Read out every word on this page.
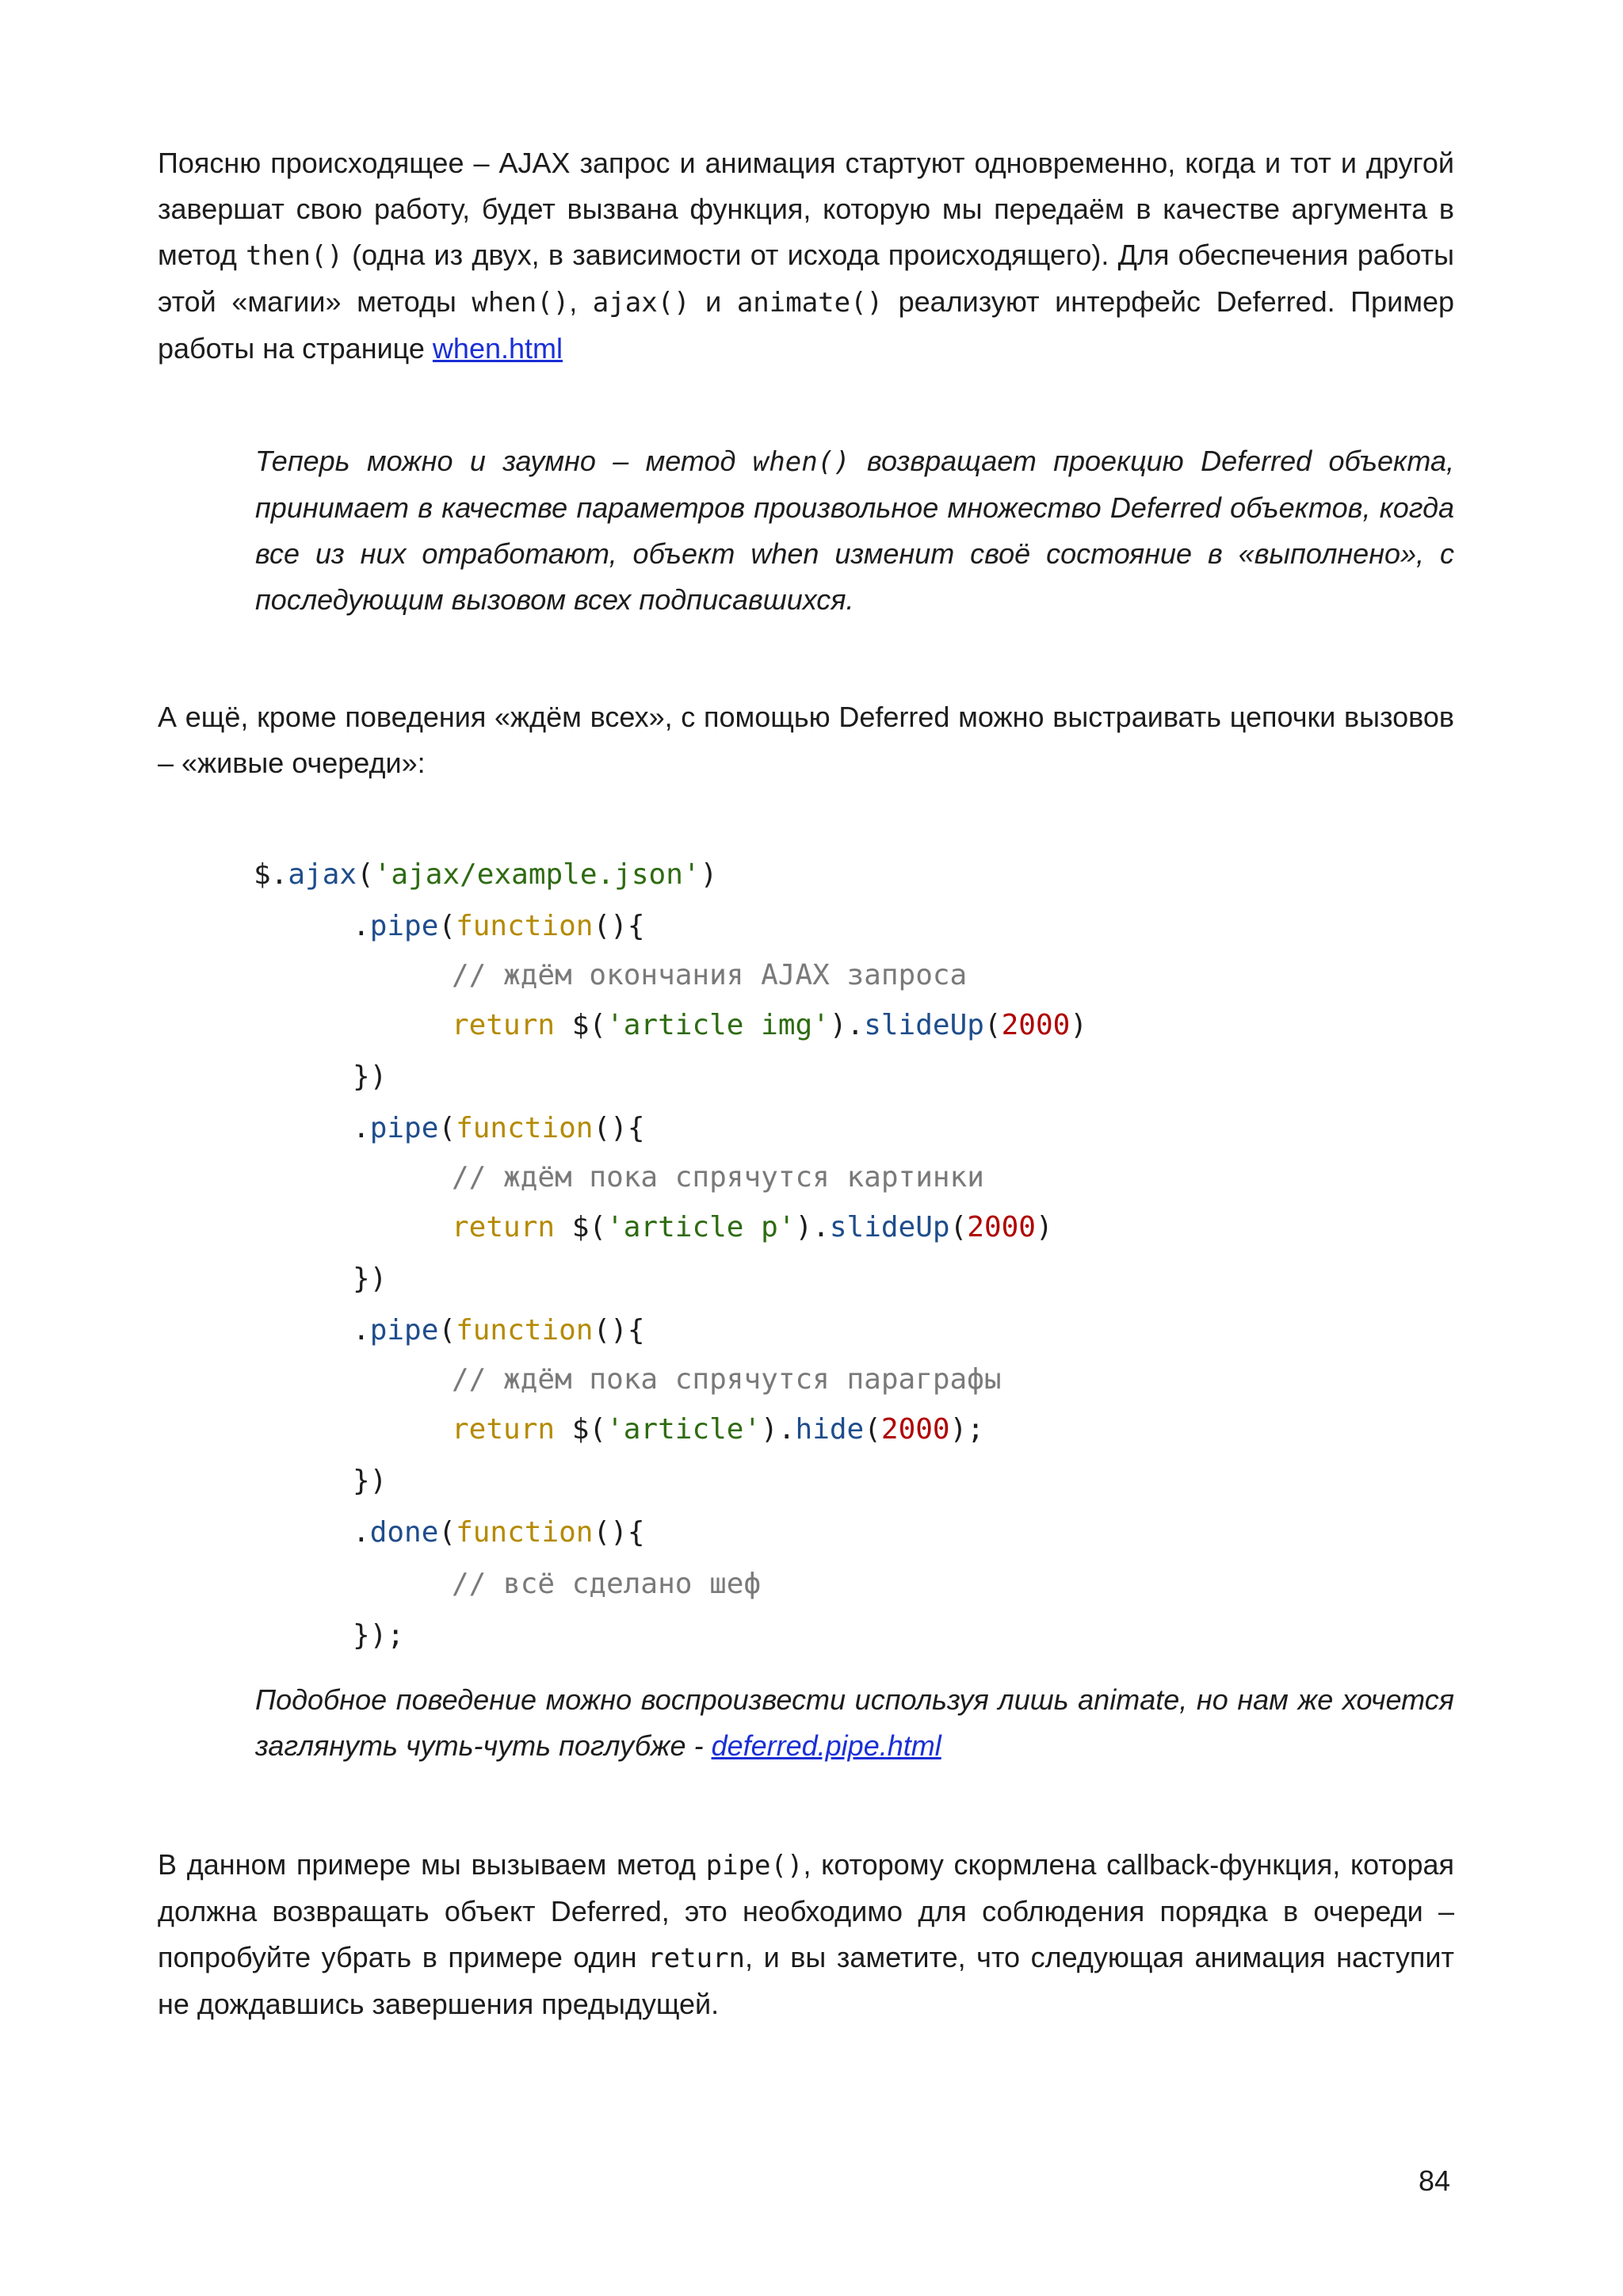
Поясню происходящее – AJAX запрос и анимация стартуют одновременно, когда и тот и другой завершат свою работу, будет вызвана функция, которую мы передаём в качестве аргумента в метод then() (одна из двух, в зависимости от исхода происходящего). Для обеспечения работы этой «магии» методы when(), ajax() и animate() реализуют интерфейс Deferred. Пример работы на странице when.html

Теперь можно и заумно – метод when() возвращает проекцию Deferred объекта, принимает в качестве параметров произвольное множество Deferred объектов, когда все из них отработают, объект when изменит своё состояние в «выполнено», с последующим вызовом всех подписавшихся.

А ещё, кроме поведения «ждём всех», с помощью Deferred можно выстраивать цепочки вызовов – «живые очереди»:

$.ajax('ajax/example.json')
.pipe(function(){
// ждём окончания AJAX запроса
return $('article img').slideUp(2000)
})
.pipe(function(){
// ждём пока спрячутся картинки
return $('article p').slideUp(2000)
})
.pipe(function(){
// ждём пока спрячутся параграфы
return $('article').hide(2000);
})
.done(function(){
// всё сделано шеф
});

Подобное поведение можно воспроизвести используя лишь animate, но нам же хочется заглянуть чуть-чуть поглубже - deferred.pipe.html

В данном примере мы вызываем метод pipe(), которому скормлена callback-функция, которая должна возвращать объект Deferred, это необходимо для соблюдения порядка в очереди – попробуйте убрать в примере один return, и вы заметите, что следующая анимация наступит не дождавшись завершения предыдущей.

84
